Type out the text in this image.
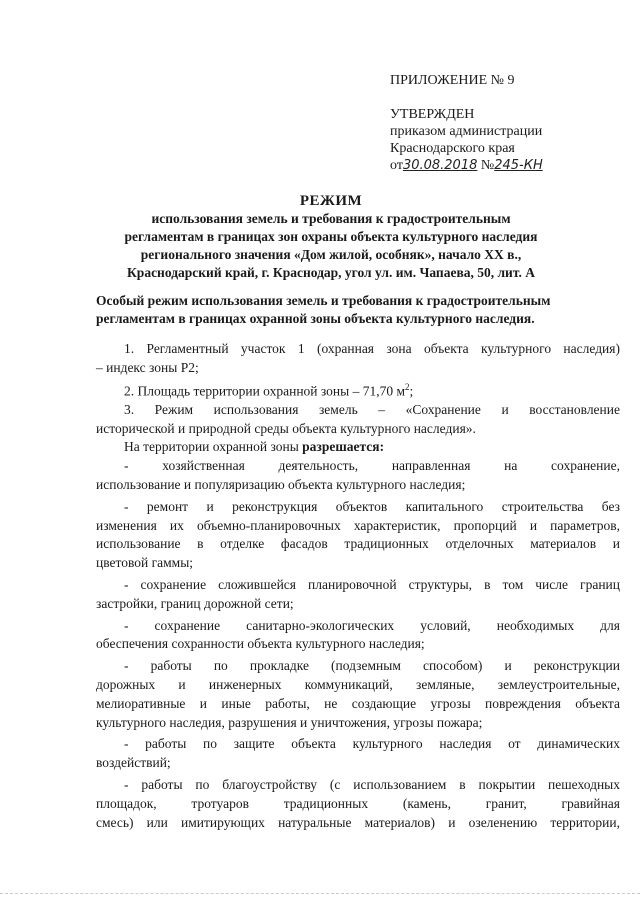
ПРИЛОЖЕНИЕ № 9
УТВЕРЖДЕН
приказом администрации
Краснодарского края
от30.08.2018 №245-КН
РЕЖИМ
использования земель и требования к градостроительным
регламентам в границах зон охраны объекта культурного наследия
регионального значения «Дом жилой, особняк», начало XX в.,
Краснодарский край, г. Краснодар, угол ул. им. Чапаева, 50, лит. А
Особый режим использования земель и требования к градостроительным
регламентам в границах охранной зоны объекта культурного наследия.
1. Регламентный участок 1 (охранная зона объекта культурного наследия)
– индекс зоны Р2;
2. Площадь территории охранной зоны – 71,70 $м^2$;
3. Режим использования земель – «Сохранение и восстановление
исторической и природной среды объекта культурного наследия».
На территории охранной зоны разрешается:
- хозяйственная деятельность, направленная на сохранение,
использование и популяризацию объекта культурного наследия;
- ремонт и реконструкция объектов капитального строительства без
изменения их объемно-планировочных характеристик, пропорций и параметров,
использование в отделке фасадов традиционных отделочных материалов и
цветовой гаммы;
- сохранение сложившейся планировочной структуры, в том числе границ
застройки, границ дорожной сети;
- сохранение санитарно-экологических условий, необходимых для
обеспечения сохранности объекта культурного наследия;
- работы по прокладке (подземным способом) и реконструкции
дорожных и инженерных коммуникаций, земляные, землеустроительные,
мелиоративные и иные работы, не создающие угрозы повреждения объекта
культурного наследия, разрушения и уничтожения, угрозы пожара;
- работы по защите объекта культурного наследия от динамических
воздействий;
- работы по благоустройству (с использованием в покрытии пешеходных
площадок, тротуаров традиционных (камень, гранит, гравийная
смесь) или имитирующих натуральные материалов) и озеленению территории,
